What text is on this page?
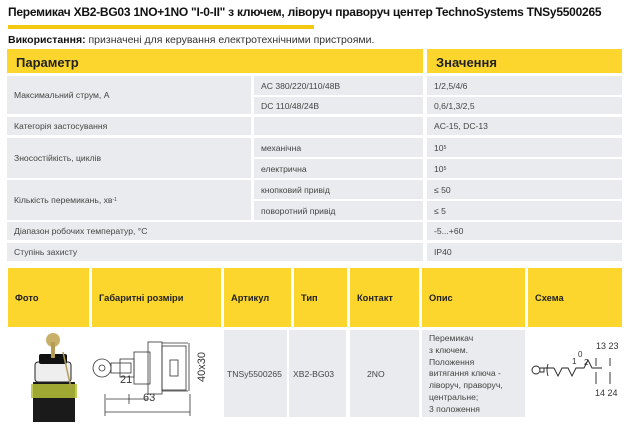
Перемикач XB2-BG03 1NO+1NO "I-0-II" з ключем, ліворуч праворуч центер TechnoSystems TNSy5500265
Використання: призначені для керування електротехнічними пристроями.
Параметр	Значення
Максимальний струм, А
AC 380/220/110/48В	1/2,5/4/6
DC 110/48/24В	0,6/1,3/2,5
Категорія застосування	AC-15, DC-13
Зносостійкість, циклів
механічна	10 5
електрична	10 5
Кількість перемикань, хв -1
кнопковий привід	≤ 50
поворотний привід	≤ 5
Діапазон робочих температур, °С	-5...+60
Ступінь захисту	IP40
Фото	Габаритні розміри	Артикул	Тип	Контакт	Опис	Схема
40x30
21
63
TNSy5500265	XB2-BG03	2NO
Перемикач
з ключем.
Положення
витягання ключа -
ліворуч, праворуч,
центральне;
3 положення
13 23
14 24
1
0
2
